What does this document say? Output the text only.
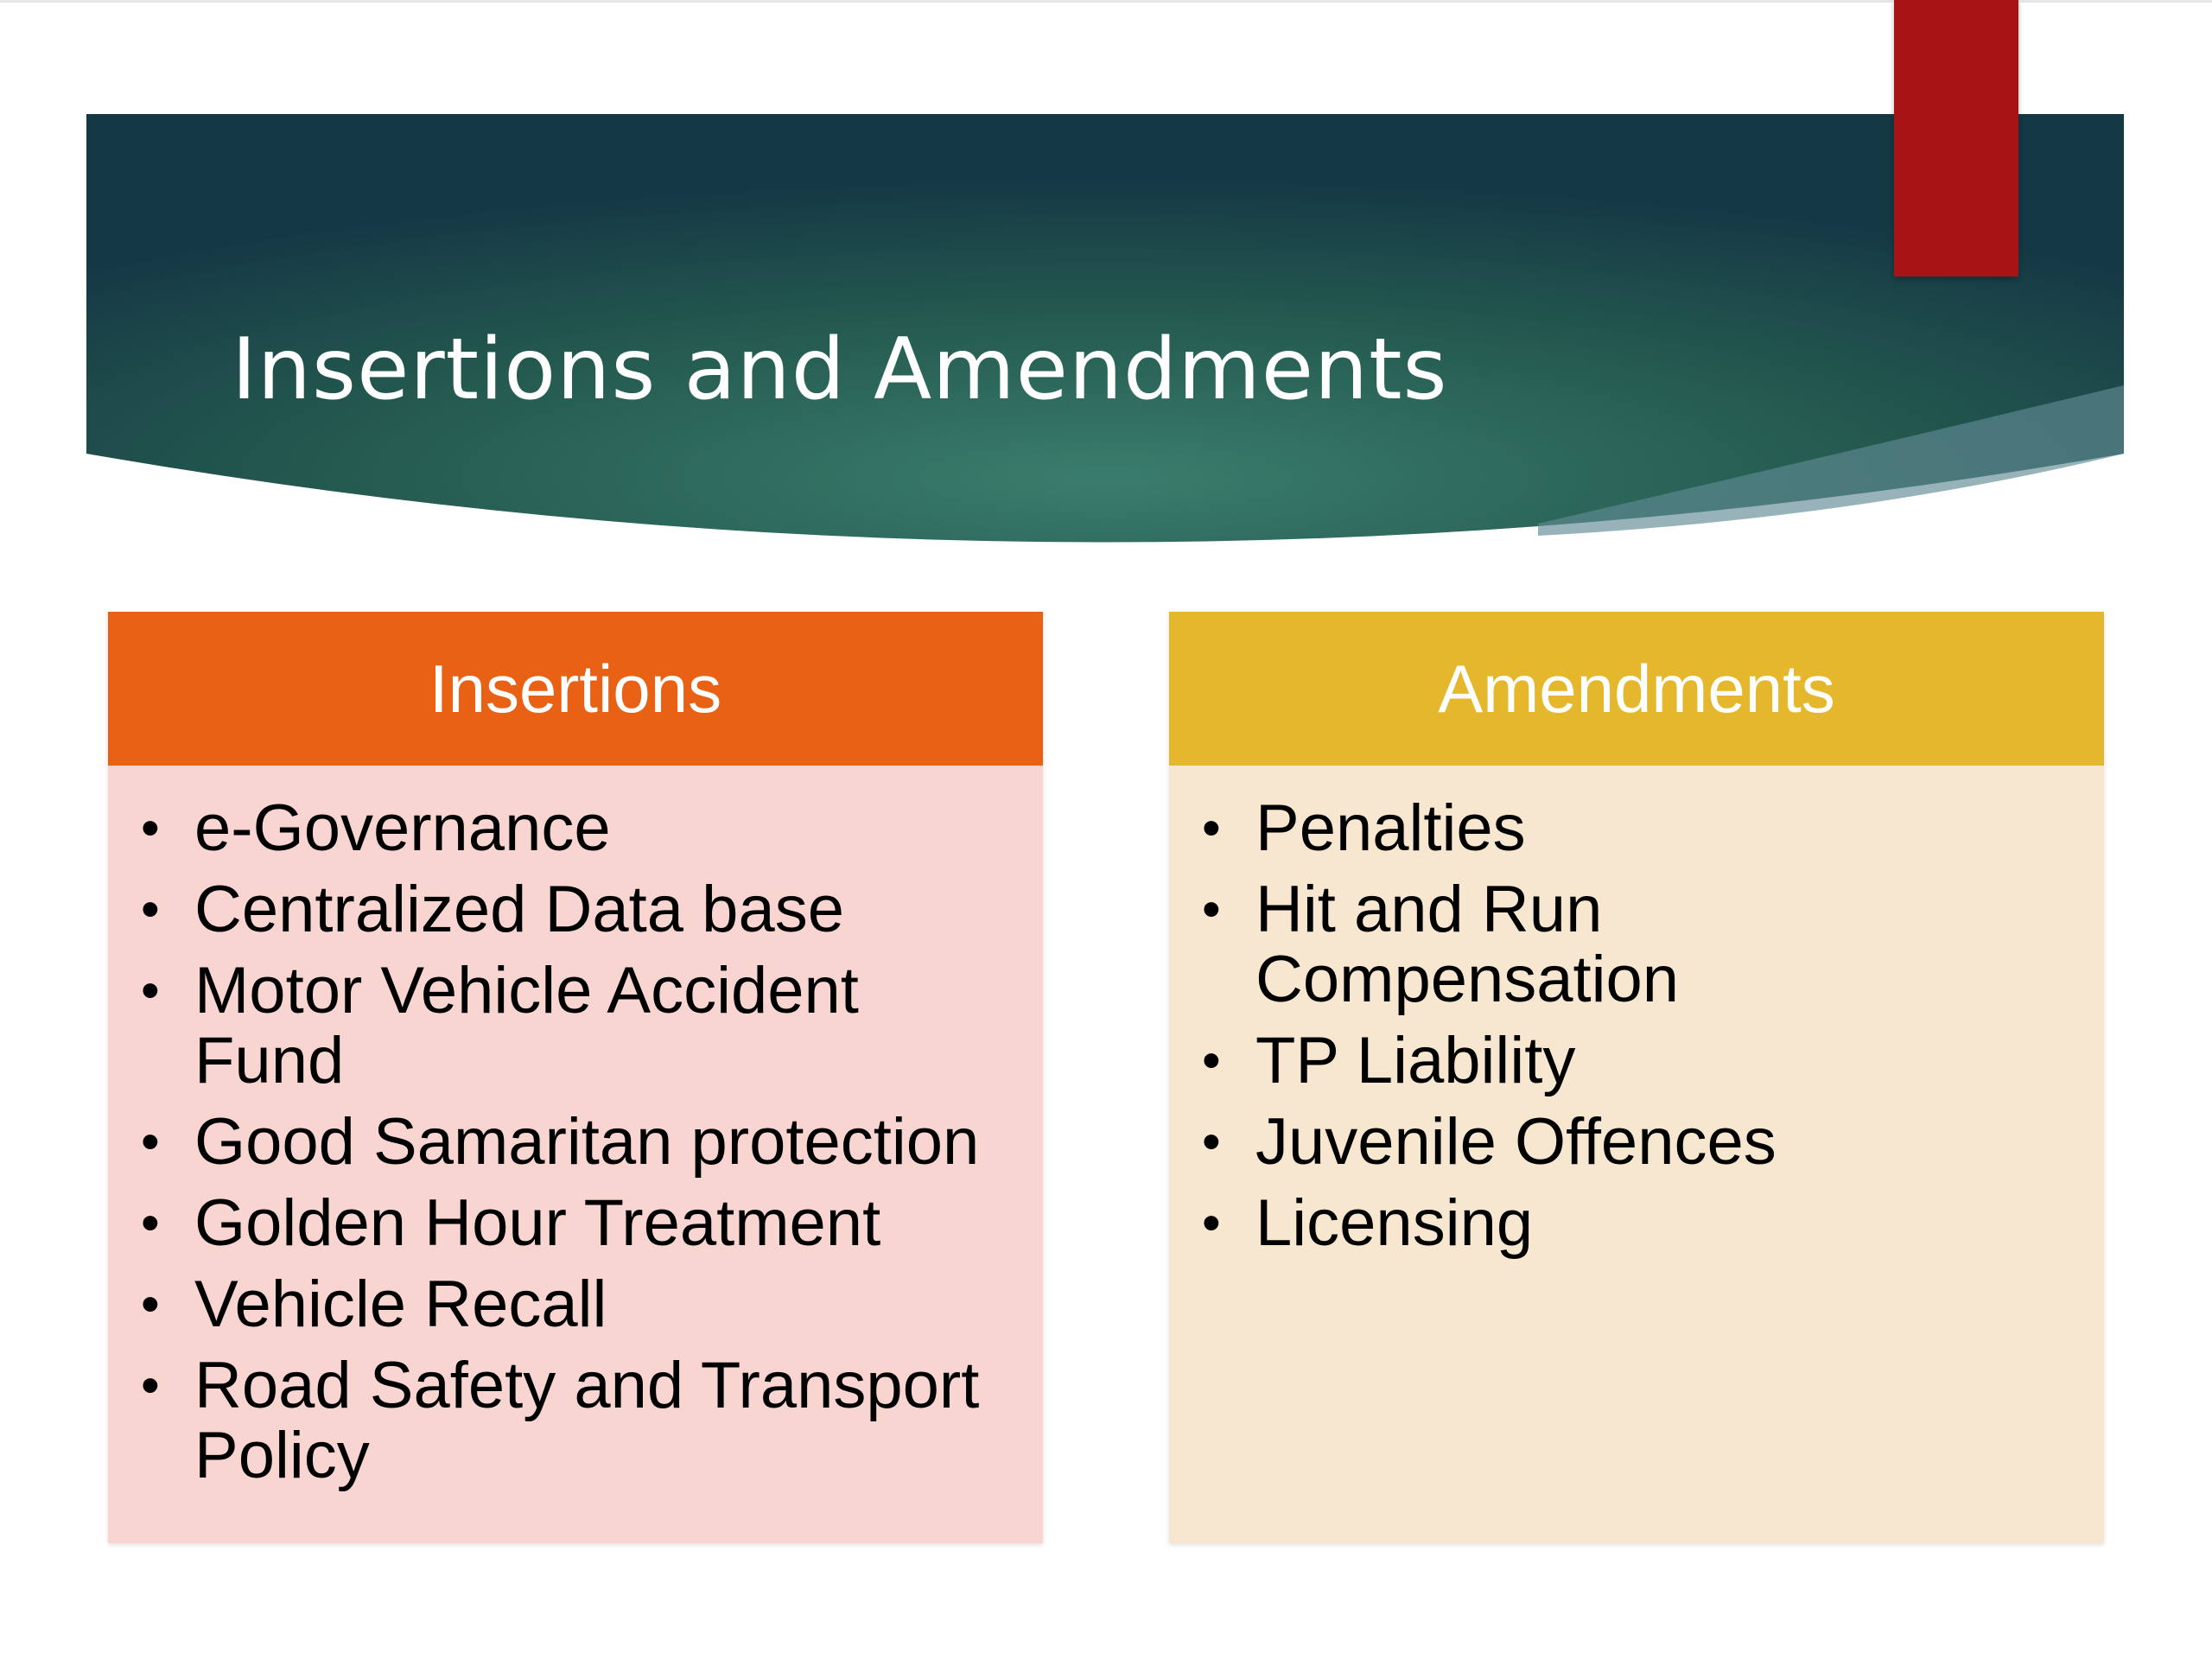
Insertions and Amendments
Insertions
• e-Governance
• Centralized Data base
• Motor Vehicle Accident Fund
• Good Samaritan protection
• Golden Hour Treatment
• Vehicle Recall
• Road Safety and Transport Policy
Amendments
• Penalties
• Hit and Run Compensation
• TP Liability
• Juvenile Offences
• Licensing
